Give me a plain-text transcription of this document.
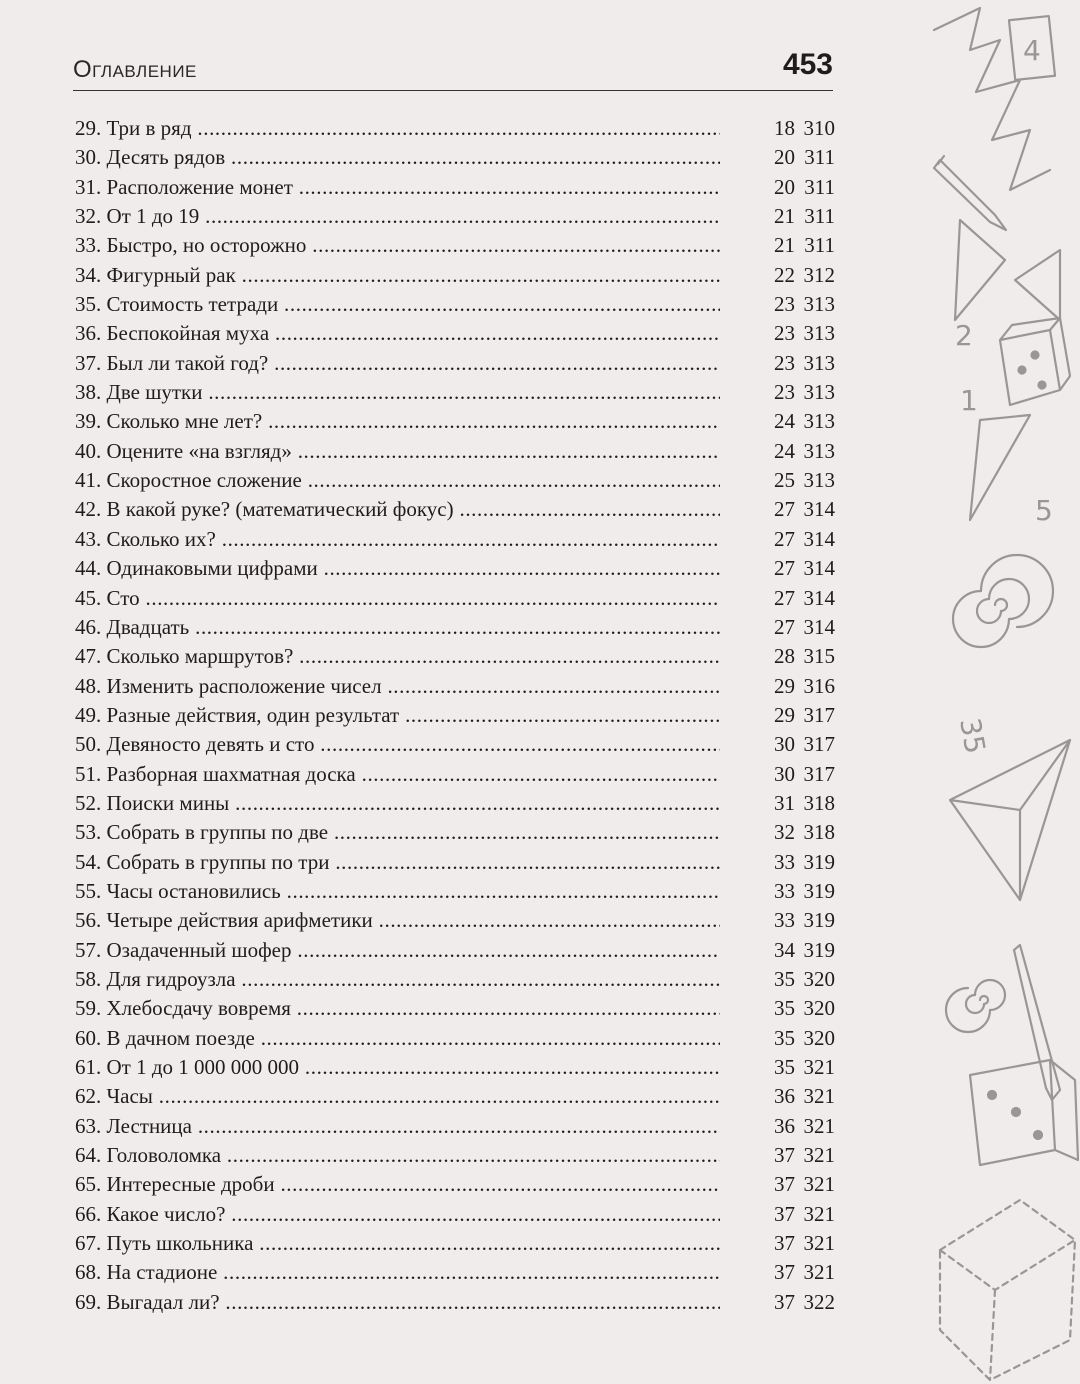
Оглавление	453
29. Три в ряд .....	18 310
30. Десять рядов .....	20 311
31. Расположение монет .....	20 311
32. От 1 до 19 .....	21 311
33. Быстро, но осторожно .....	21 311
34. Фигурный рак .....	22 312
35. Стоимость тетради .....	23 313
36. Беспокойная муха .....	23 313
37. Был ли такой год? .....	23 313
38. Две шутки .....	23 313
39. Сколько мне лет? .....	24 313
40. Оцените «на взгляд» .....	24 313
41. Скоростное сложение .....	25 313
42. В какой руке? (математический фокус) .....	27 314
43. Сколько их? .....	27 314
44. Одинаковыми цифрами .....	27 314
45. Сто .....	27 314
46. Двадцать .....	27 314
47. Сколько маршрутов? .....	28 315
48. Изменить расположение чисел .....	29 316
49. Разные действия, один результат .....	29 317
50. Девяносто девять и сто .....	30 317
51. Разборная шахматная доска .....	30 317
52. Поиски мины .....	31 318
53. Собрать в группы по две .....	32 318
54. Собрать в группы по три .....	33 319
55. Часы остановились .....	33 319
56. Четыре действия арифметики .....	33 319
57. Озадаченный шофер .....	34 319
58. Для гидроузла .....	35 320
59. Хлебосдачу вовремя .....	35 320
60. В дачном поезде .....	35 320
61. От 1 до 1 000 000 000 .....	35 321
62. Часы .....	36 321
63. Лестница .....	36 321
64. Головоломка .....	37 321
65. Интересные дроби .....	37 321
66. Какое число? .....	37 321
67. Путь школьника .....	37 321
68. На стадионе .....	37 321
69. Выгадал ли? .....	37 322
4
2
1
5
35
